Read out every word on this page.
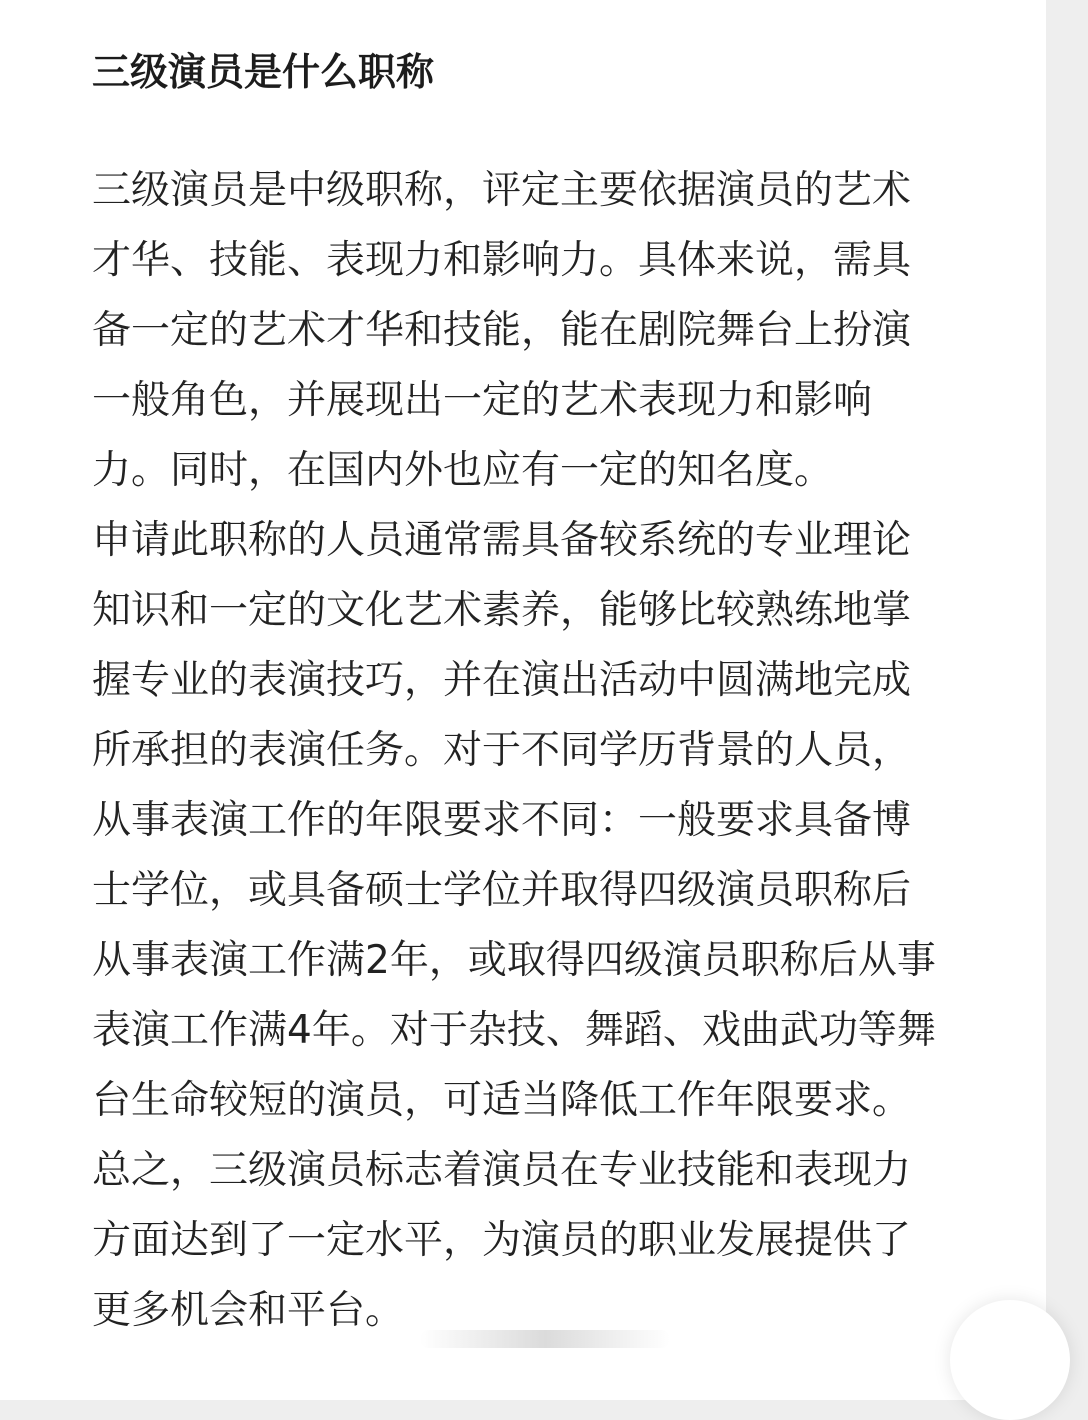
三级演员是什么职称

三级演员是中级职称，评定主要依据演员的艺术

才华、技能、表现力和影响力。具体来说，需具

备一定的艺术才华和技能，能在剧院舞台上扮演

一般角色，并展现出一定的艺术表现力和影响

力。同时，在国内外也应有一定的知名度。

申请此职称的人员通常需具备较系统的专业理论

知识和一定的文化艺术素养，能够比较熟练地掌

握专业的表演技巧，并在演出活动中圆满地完成

所承担的表演任务。对于不同学历背景的人员，

从事表演工作的年限要求不同：一般要求具备博

士学位，或具备硕士学位并取得四级演员职称后

从事表演工作满2年，或取得四级演员职称后从事

表演工作满4年。对于杂技、舞蹈、戏曲武功等舞

台生命较短的演员，可适当降低工作年限要求。

总之，三级演员标志着演员在专业技能和表现力

方面达到了一定水平，为演员的职业发展提供了

更多机会和平台。
